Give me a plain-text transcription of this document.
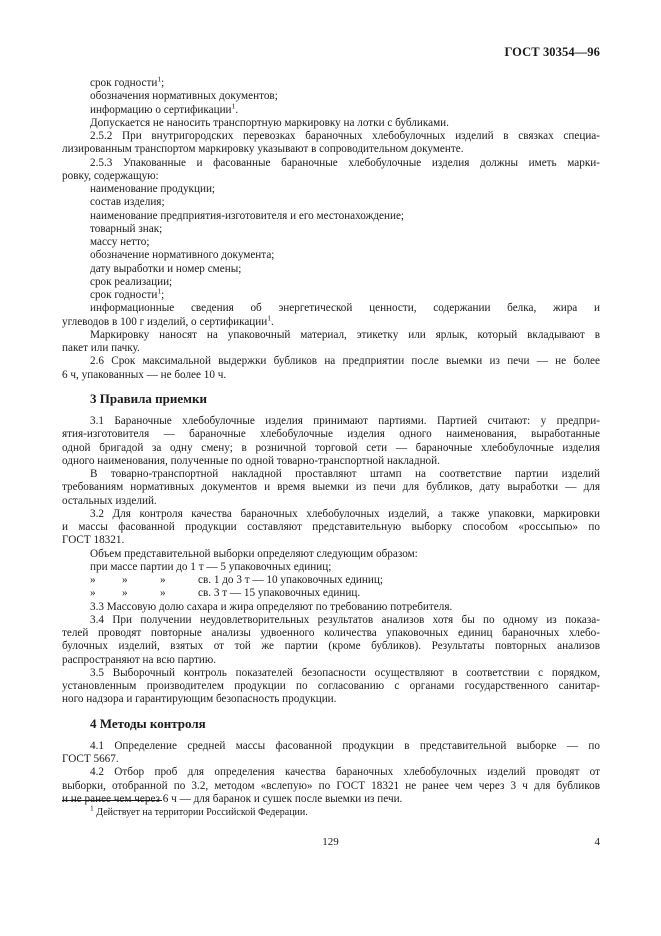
ГОСТ 30354—96
срок годности$^1$;
обозначения нормативных документов;
информацию о сертификации$^1$.
Допускается не наносить транспортную маркировку на лотки с бубликами.
2.5.2 При внутригородских перевозках бараночных хлебобулочных изделий в связках специа-
лизированным транспортом маркировку указывают в сопроводительном документе.
2.5.3 Упакованные и фасованные бараночные хлебобулочные изделия должны иметь марки-
ровку, содержащую:
наименование продукции;
состав изделия;
наименование предприятия-изготовителя и его местонахождение;
товарный знак;
массу нетто;
обозначение нормативного документа;
дату выработки и номер смены;
срок реализации;
срок годности$^1$;
информационные сведения об энергетической ценности, содержании белка, жира и
углеводов в 100 г изделий, о сертификации$^1$.
Маркировку наносят на упаковочный материал, этикетку или ярлык, который вкладывают в
пакет или пачку.
2.6 Срок максимальной выдержки бубликов на предприятии после выемки из печи — не более
6 ч, упакованных — не более 10 ч.
3 Правила приемки
3.1 Бараночные хлебобулочные изделия принимают партиями. Партией считают: у предпри-
ятия-изготовителя — бараночные хлебобулочные изделия одного наименования, выработанные
одной бригадой за одну смену; в розничной торговой сети — бараночные хлебобулочные изделия
одного наименования, полученные по одной товарно-транспортной накладной.
В товарно-транспортной накладной проставляют штамп на соответствие партии изделий
требованиям нормативных документов и время выемки из печи для бубликов, дату выработки — для
остальных изделий.
3.2 Для контроля качества бараночных хлебобулочных изделий, а также упаковки, маркировки
и массы фасованной продукции составляют представительную выборку способом «россыпью» по
ГОСТ 18321.
Объем представительной выборки определяют следующим образом:
при массе партии до 1 т — 5 упаковочных единиц;
» »	»	св. 1 до 3 т — 10 упаковочных единиц;
» »	»	св. 3 т — 15 упаковочных единиц.
3.3 Массовую долю сахара и жира определяют по требованию потребителя.
3.4 При получении неудовлетворительных результатов анализов хотя бы по одному из показа-
телей проводят повторные анализы удвоенного количества упаковочных единиц бараночных хлебо-
булочных изделий, взятых от той же партии (кроме бубликов). Результаты повторных анализов
распространяют на всю партию.
3.5 Выборочный контроль показателей безопасности осуществляют в соответствии с порядком,
установленным производителем продукции по согласованию с органами государственного санитар-
ного надзора и гарантирующим безопасность продукции.
4 Методы контроля
4.1 Определение средней массы фасованной продукции в представительной выборке — по
ГОСТ 5667.
4.2 Отбор проб для определения качества бараночных хлебобулочных изделий проводят от
выборки, отобранной по 3.2, методом «вслепую» по ГОСТ 18321 не ранее чем через 3 ч для бубликов
и не ранее чем через 6 ч — для баранок и сушек после выемки из печи.
$^1$ Действует на территории Российской Федерации.
129	4
